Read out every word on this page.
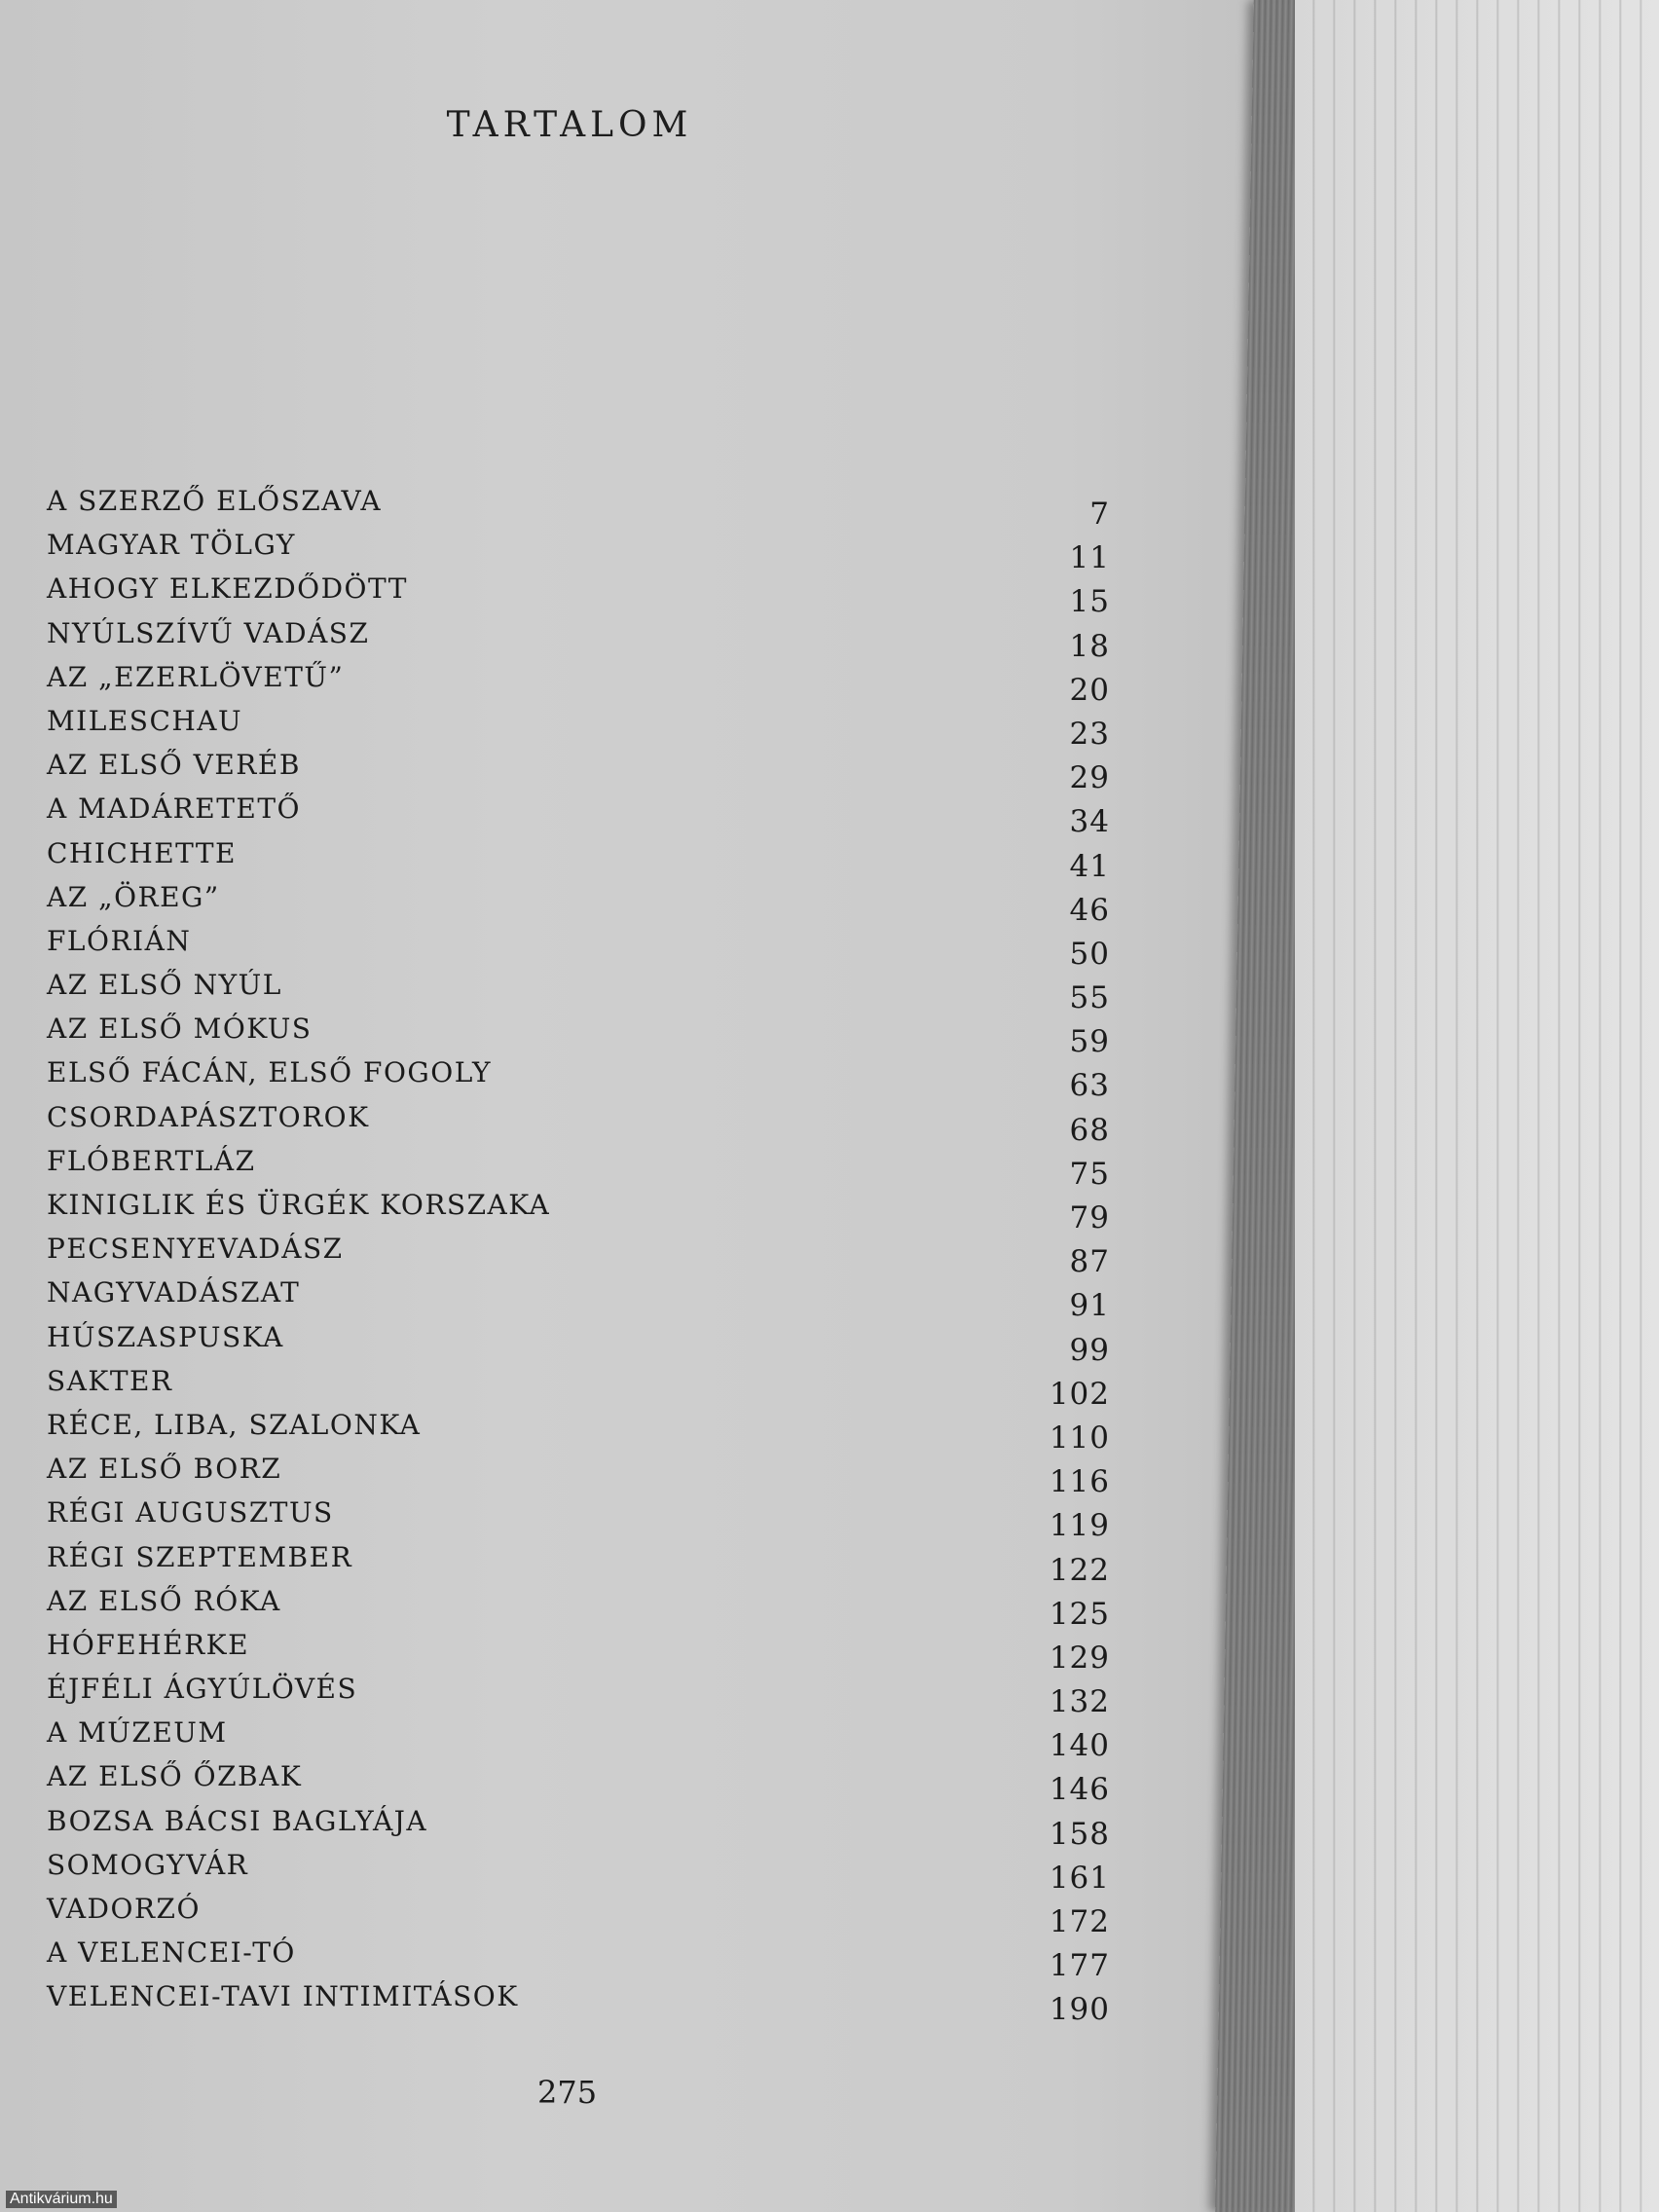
TARTALOM
A SZERZŐ ELŐSZAVA	7
MAGYAR TÖLGY	11
AHOGY ELKEZDŐDÖTT	15
NYÚLSZÍVŰ VADÁSZ	18
AZ „EZERLÖVETŰ”	20
MILESCHAU	23
AZ ELSŐ VERÉB	29
A MADÁRETETŐ	34
CHICHETTE	41
AZ „ÖREG”	46
FLÓRIÁN	50
AZ ELSŐ NYÚL	55
AZ ELSŐ MÓKUS	59
ELSŐ FÁCÁN, ELSŐ FOGOLY	63
CSORDAPÁSZTOROK	68
FLÓBERTLÁZ	75
KINIGLIK ÉS ÜRGÉK KORSZAKA	79
PECSENYEVADÁSZ	87
NAGYVADÁSZAT	91
HÚSZASPUSKA	99
SAKTER	102
RÉCE, LIBA, SZALONKA	110
AZ ELSŐ BORZ	116
RÉGI AUGUSZTUS	119
RÉGI SZEPTEMBER	122
AZ ELSŐ RÓKA	125
HÓFEHÉRKE	129
ÉJFÉLI ÁGYÚLÖVÉS	132
A MÚZEUM	140
AZ ELSŐ ŐZBAK	146
BOZSA BÁCSI BAGLYÁJA	158
SOMOGYVÁR	161
VADORZÓ	172
A VELENCEI-TÓ	177
VELENCEI-TAVI INTIMITÁSOK	190
275
Antikvárium.hu
